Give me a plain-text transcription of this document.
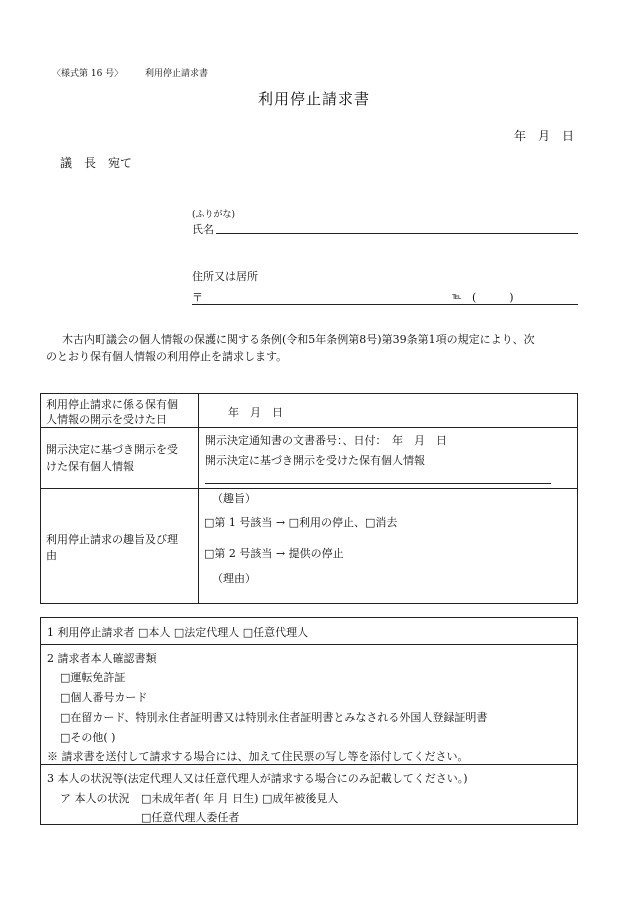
〈様式第 16 号〉 利用停止請求書
利用停止請求書
年　月　日
議　長　宛て
(ふりがな)
氏名
住所又は居所
〒	℡ (　　　)
木古内町議会の個人情報の保護に関する条例(令和5年条例第8号)第39条第1項の規定により、次
のとおり保有個人情報の利用停止を請求します。
利用停止請求に係る保有個
人情報の開示を受けた日
年　月　日
開示決定に基づき開示を受
けた保有個人情報
開示決定通知書の文書番号：、日付：　年　月　日
開示決定に基づき開示を受けた保有個人情報
利用停止請求の趣旨及び理
由
（趣旨）
□第 1 号該当 → □利用の停止、□消去
□第 2 号該当 → 提供の停止
（理由）
1 利用停止請求者 □本人 □法定代理人 □任意代理人
2 請求者本人確認書類
□運転免許証
□個人番号カード
□在留カード、特別永住者証明書又は特別永住者証明書とみなされる外国人登録証明書
□その他( )
※ 請求書を送付して請求する場合には、加えて住民票の写し等を添付してください。
3 本人の状況等(法定代理人又は任意代理人が請求する場合にのみ記載してください。)
ア 本人の状況 □未成年者( 年 月 日生) □成年被後見人
□任意代理人委任者
